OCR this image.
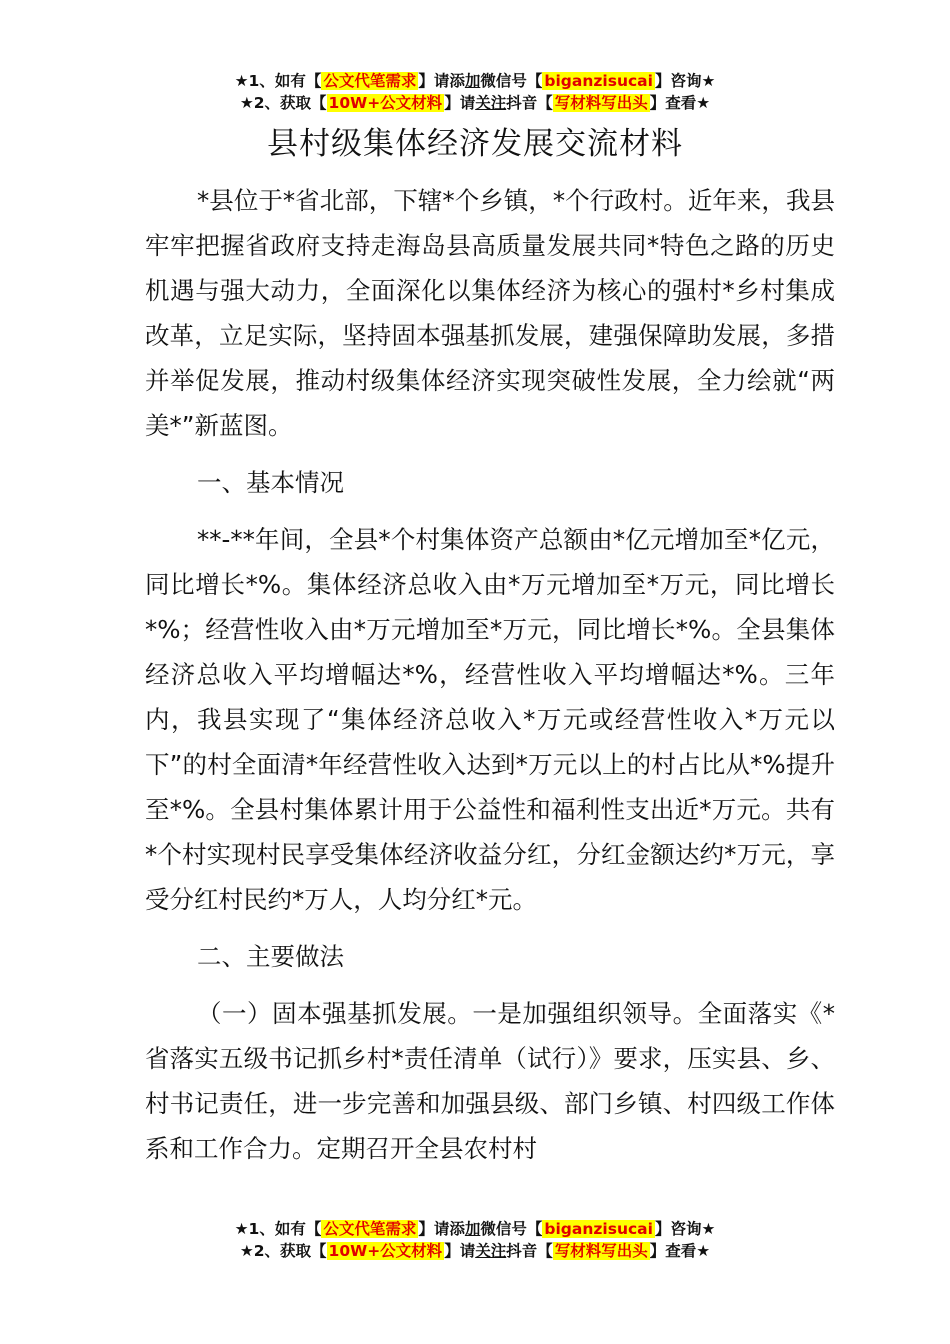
★1、如有【 公文代笔需求 】请添加微信号【 biganzisucai 】咨询★
★2、获取【 10W+公文材料 】请关注抖音【 写材料写出头 】查看★
县村级集体经济发展交流材料

*县位于*省北部，下辖*个乡镇，*个行政村。近年来，我县牢牢把握省政府支持走海岛县高质量发展共同*特色之路的历史机遇与强大动力，全面深化以集体经济为核心的强村*乡村集成改革，立足实际，坚持固本强基抓发展，建强保障助发展，多措并举促发展，推动村级集体经济实现突破性发展，全力绘就“两美*”新蓝图。

一、基本情况

**-**年间，全县*个村集体资产总额由*亿元增加至*亿元，同比增长*%。集体经济总收入由*万元增加至*万元，同比增长*%；经营性收入由*万元增加至*万元，同比增长*%。全县集体经济总收入平均增幅达*%，经营性收入平均增幅达*%。三年内，我县实现了“集体经济总收入*万元或经营性收入*万元以下”的村全面清*年经营性收入达到*万元以上的村占比从*%提升至*%。全县村集体累计用于公益性和福利性支出近*万元。共有*个村实现村民享受集体经济收益分红，分红金额达约*万元，享受分红村民约*万人，人均分红*元。

二、主要做法

（一）固本强基抓发展。一是加强组织领导。全面落实《*省落实五级书记抓乡村*责任清单（试行）》要求，压实县、乡、村书记责任，进一步完善和加强县级、部门乡镇、村四级工作体系和工作合力。定期召开全县农村村

★1、如有【 公文代笔需求 】请添加微信号【 biganzisucai 】咨询★
★2、获取【 10W+公文材料 】请关注抖音【 写材料写出头 】查看★
